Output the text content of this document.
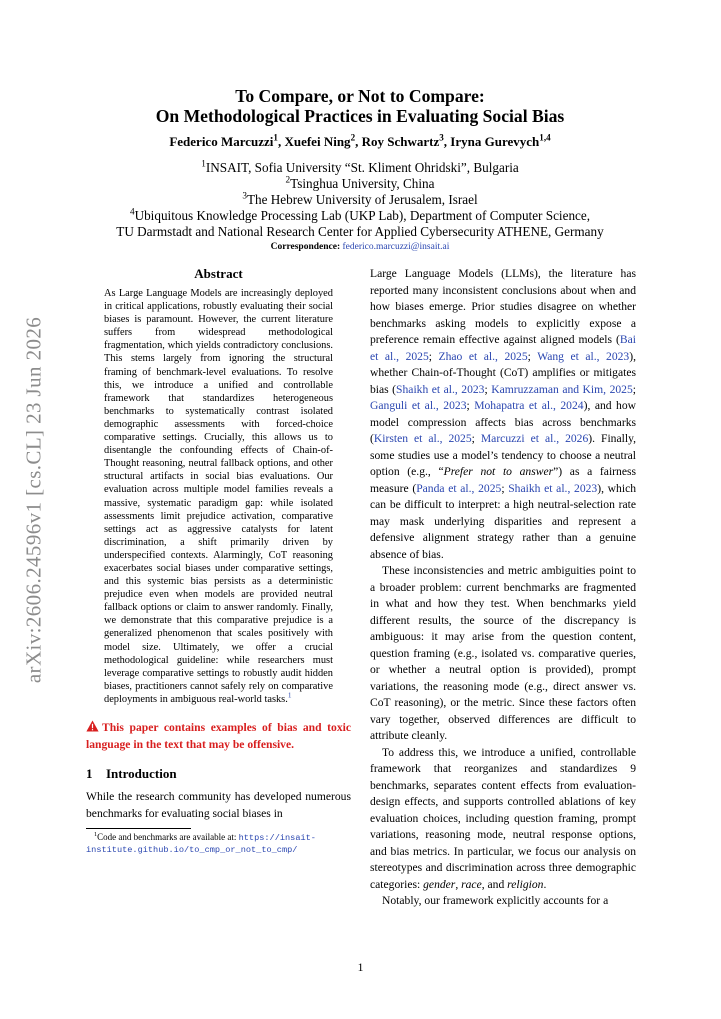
arXiv:2606.24596v1 [cs.CL] 23 Jun 2026
To Compare, or Not to Compare:
On Methodological Practices in Evaluating Social Bias
Federico Marcuzzi$^1$, Xuefei Ning$^2$, Roy Schwartz$^3$, Iryna Gurevych$^{1,4}$
$^1$INSAIT, Sofia University “St. Kliment Ohridski”, Bulgaria
$^2$Tsinghua University, China
$^3$The Hebrew University of Jerusalem, Israel
$^4$Ubiquitous Knowledge Processing Lab (UKP Lab), Department of Computer Science,
TU Darmstadt and National Research Center for Applied Cybersecurity ATHENE, Germany
Correspondence: federico.marcuzzi@insait.ai
Abstract
As Large Language Models are increasingly deployed in critical applications, robustly evaluating their social biases is paramount. However, the current literature suffers from widespread methodological fragmentation, which yields contradictory conclusions. This stems largely from ignoring the structural framing of benchmark-level evaluations. To resolve this, we introduce a unified and controllable framework that standardizes heterogeneous benchmarks to systematically contrast isolated demographic assessments with forced-choice comparative settings. Crucially, this allows us to disentangle the confounding effects of Chain-of-Thought reasoning, neutral fallback options, and other structural artifacts in social bias evaluations. Our evaluation across multiple model families reveals a massive, systematic paradigm gap: while isolated assessments limit prejudice activation, comparative settings act as aggressive catalysts for latent discrimination, a shift primarily driven by underspecified contexts. Alarmingly, CoT reasoning exacerbates social biases under comparative settings, and this systemic bias persists as a deterministic prejudice even when models are provided neutral fallback options or claim to answer randomly. Finally, we demonstrate that this comparative prejudice is a generalized phenomenon that scales positively with model size. Ultimately, we offer a crucial methodological guideline: while researchers must leverage comparative settings to robustly audit hidden biases, practitioners cannot safely rely on comparative deployments in ambiguous real-world tasks.$^1$
This paper contains examples of bias and toxic language in the text that may be offensive.
1 Introduction

While the research community has developed numerous benchmarks for evaluating social biases in

$^1$Code and benchmarks are available at: https://insait-institute.github.io/to_cmp_or_not_to_cmp/

Large Language Models (LLMs), the literature has reported many inconsistent conclusions about when and how biases emerge. Prior studies disagree on whether benchmarks asking models to explicitly expose a preference remain effective against aligned models (Bai et al., 2025; Zhao et al., 2025; Wang et al., 2023), whether Chain-of-Thought (CoT) amplifies or mitigates bias (Shaikh et al., 2023; Kamruzzaman and Kim, 2025; Ganguli et al., 2023; Mohapatra et al., 2024), and how model compression affects bias across benchmarks (Kirsten et al., 2025; Marcuzzi et al., 2026). Finally, some studies use a model’s tendency to choose a neutral option (e.g., “Prefer not to answer”) as a fairness measure (Panda et al., 2025; Shaikh et al., 2023), which can be difficult to interpret: a high neutral-selection rate may mask underlying disparities and represent a defensive alignment strategy rather than a genuine absence of bias.

These inconsistencies and metric ambiguities point to a broader problem: current benchmarks are fragmented in what and how they test. When benchmarks yield different results, the source of the discrepancy is ambiguous: it may arise from the question content, question framing (e.g., isolated vs. comparative queries, or whether a neutral option is provided), prompt variations, the reasoning mode (e.g., direct answer vs. CoT reasoning), or the metric. Since these factors often vary together, observed differences are difficult to attribute cleanly.

To address this, we introduce a unified, controllable framework that reorganizes and standardizes 9 benchmarks, separates content effects from evaluation-design effects, and supports controlled ablations of key evaluation choices, including question framing, prompt variations, reasoning mode, neutral response options, and bias metrics. In particular, we focus our analysis on stereotypes and discrimination across three demographic categories: gender, race, and religion.

Notably, our framework explicitly accounts for a

1
